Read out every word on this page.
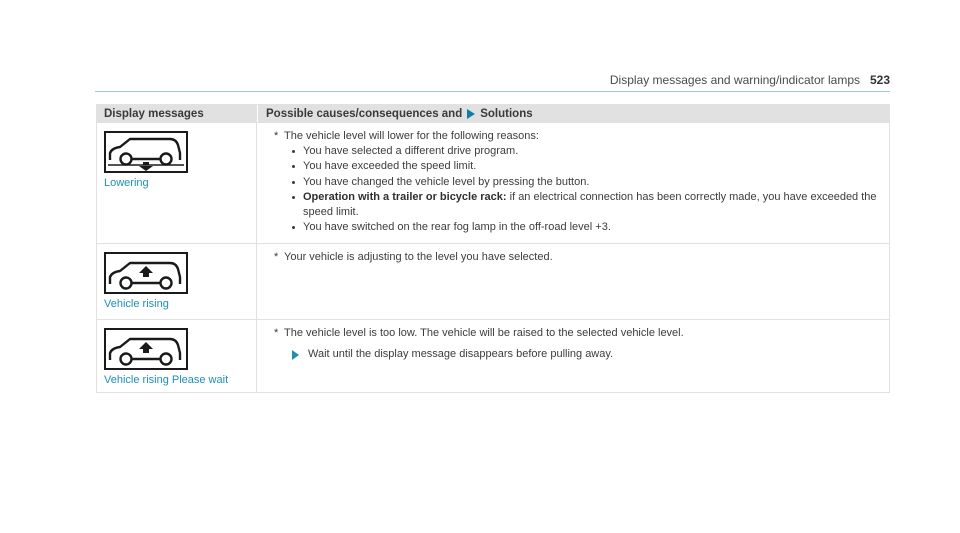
Display messages and warning/indicator lamps 523
Display messages	Possible causes/consequences and Solutions
Lowering
* The vehicle level will lower for the following reasons:
You have selected a different drive program.
You have exceeded the speed limit.
You have changed the vehicle level by pressing the button.
Operation with a trailer or bicycle rack: if an electrical connection has been correctly made, you have exceeded the speed limit.
You have switched on the rear fog lamp in the off-road level +3.
Vehicle rising
* Your vehicle is adjusting to the level you have selected.
Vehicle rising Please wait
* The vehicle level is too low. The vehicle will be raised to the selected vehicle level.
Wait until the display message disappears before pulling away.
